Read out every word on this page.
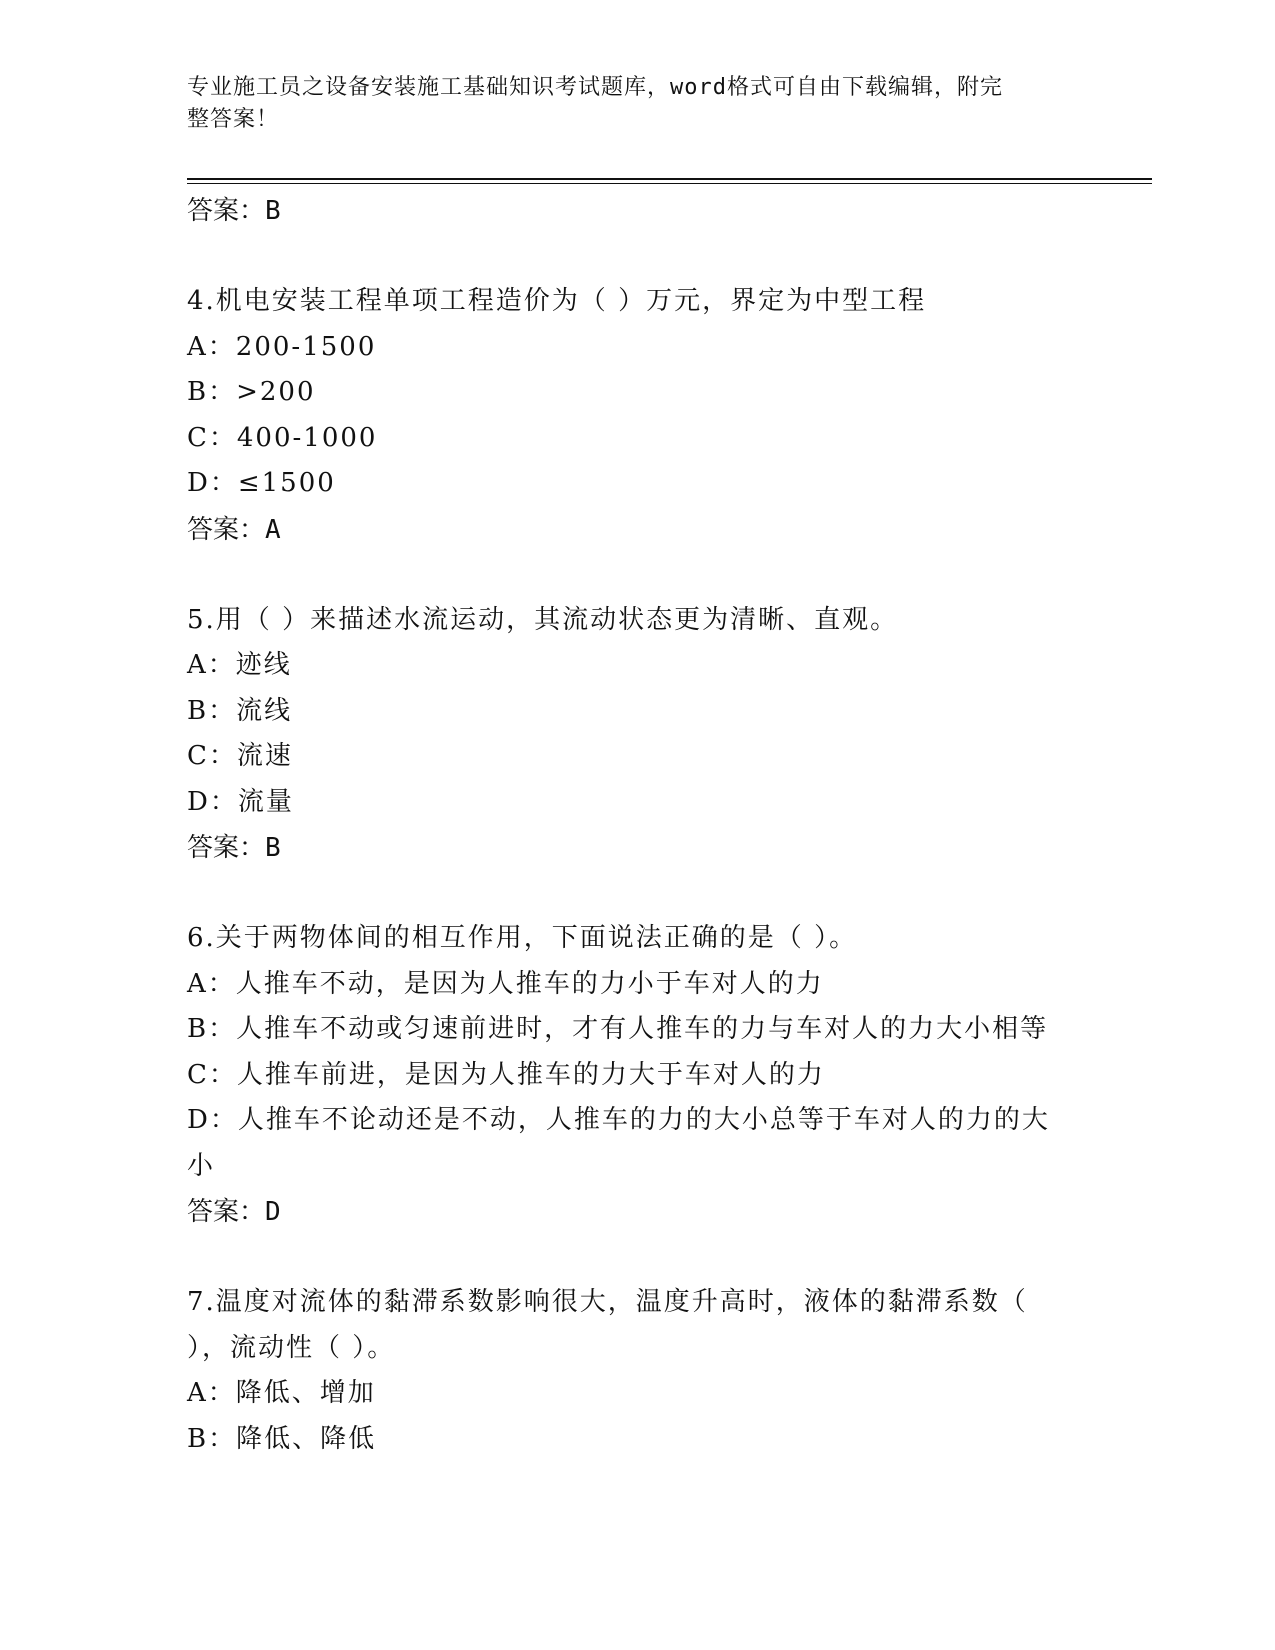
专业施工员之设备安装施工基础知识考试题库，word格式可自由下载编辑，附完
整答案！
答案：B
4.机电安装工程单项工程造价为（ ）万元，界定为中型工程
A：200-1500
B：>200
C：400-1000
D：≤1500
答案：A
5.用（ ）来描述水流运动，其流动状态更为清晰、直观。
A：迹线
B：流线
C：流速
D：流量
答案：B
6.关于两物体间的相互作用，下面说法正确的是（ ）。
A：人推车不动，是因为人推车的力小于车对人的力
B：人推车不动或匀速前进时，才有人推车的力与车对人的力大小相等
C：人推车前进，是因为人推车的力大于车对人的力
D：人推车不论动还是不动，人推车的力的大小总等于车对人的力的大
小
答案：D
7.温度对流体的黏滞系数影响很大，温度升高时，液体的黏滞系数（
），流动性（ ）。
A：降低、增加
B：降低、降低
